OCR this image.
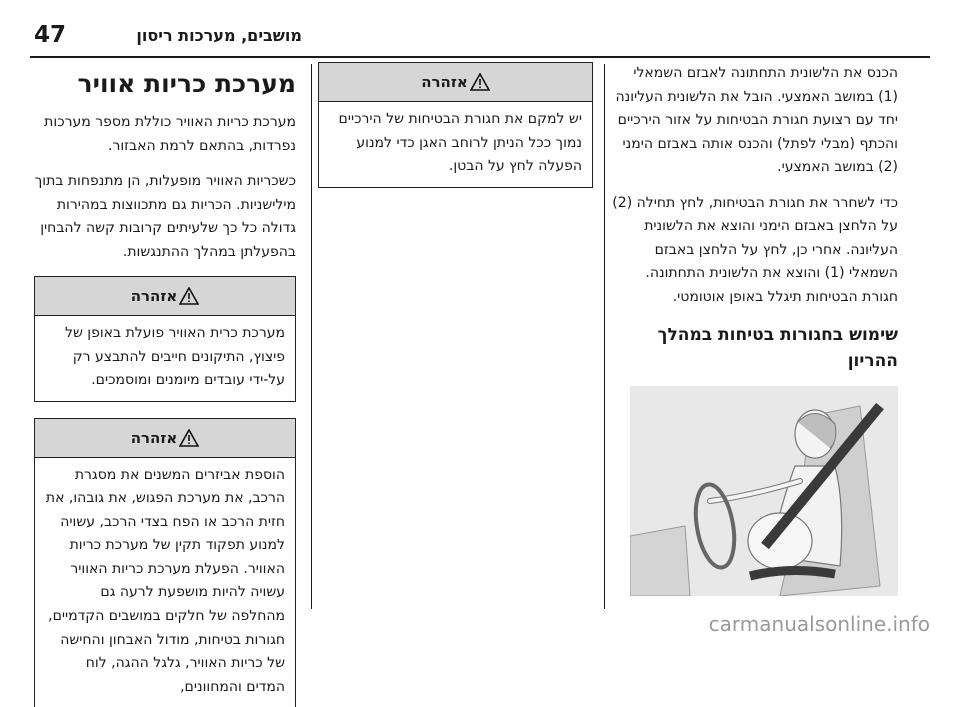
47	מושבים, מערכות ריסון

הכנס את הלשונית התחתונה לאבזם השמאלי (1) במושב האמצעי. הובל את הלשונית העליונה יחד עם רצועת חגורת הבטיחות על אזור הירכיים והכתף (מבלי לפתל) והכנס אותה באבזם הימני (2) במושב האמצעי.

כדי לשחרר את חגורת הבטיחות, לחץ תחילה (2) על הלחצן באבזם הימני והוצא את הלשונית העליונה. אחרי כן, לחץ על הלחצן באבזם השמאלי (1) והוצא את הלשונית התחתונה. חגורת הבטיחות תיגלל באופן אוטומטי.

שימוש בחגורות בטיחות במהלך ההריון
אזהרה

יש למקם את חגורת הבטיחות של הירכיים נמוך ככל הניתן לרוחב האגן כדי למנוע הפעלה לחץ על הבטן.

מערכת כריות אוויר

מערכת כריות האוויר כוללת מספר מערכות נפרדות, בהתאם לרמת האבזור.

כשכריות האוויר מופעלות, הן מתנפחות בתוך מילישניות. הכריות גם מתכווצות במהירות גדולה כל כך שלעיתים קרובות קשה להבחין בהפעלתן במהלך ההתנגשות.

אזהרה

מערכת כרית האוויר פועלת באופן של פיצוץ, התיקונים חייבים להתבצע רק על-ידי עובדים מיומנים ומוסמכים.

אזהרה

הוספת אביזרים המשנים את מסגרת הרכב, את מערכת הפגוש, את גובהו, את חזית הרכב או הפח בצדי הרכב, עשויה למנוע תפקוד תקין של מערכת כריות האוויר. הפעלת מערכת כריות האוויר עשויה להיות מושפעת לרעה גם מהחלפה של חלקים במושבים הקדמיים, חגורות בטיחות, מודול האבחון והחישה של כריות האוויר, גלגל ההגה, לוח המדים והמחוונים,

carmanualsonline.info
